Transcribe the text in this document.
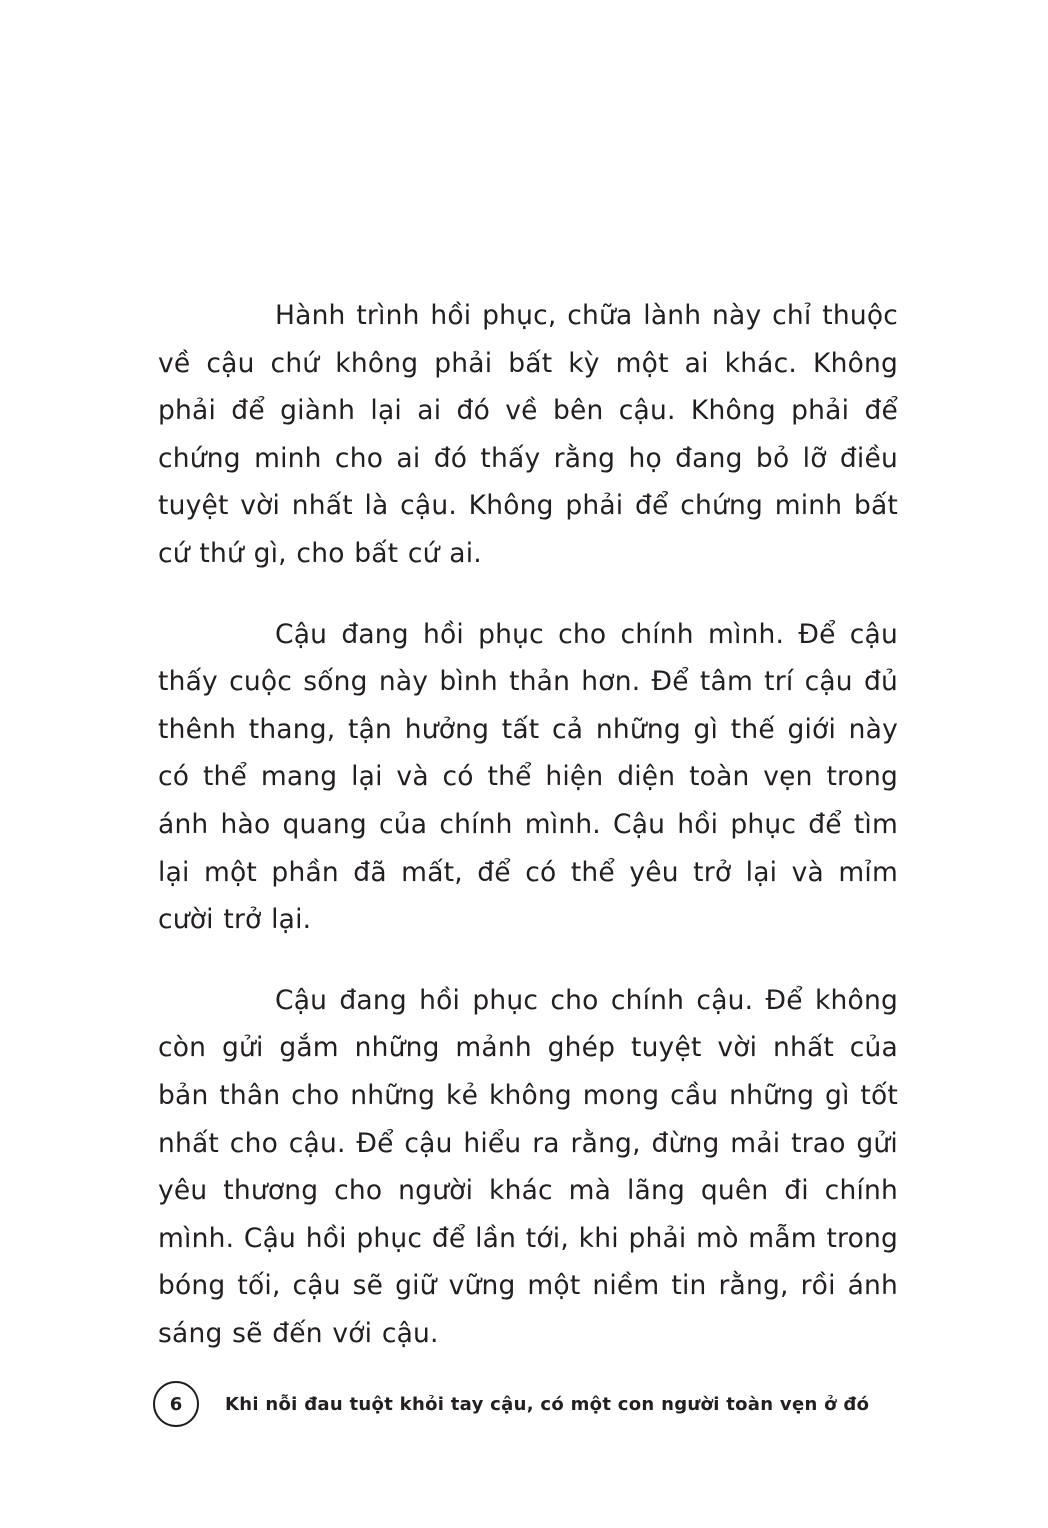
Hành trình hồi phục, chữa lành này chỉ thuộc về cậu chứ không phải bất kỳ một ai khác. Không phải để giành lại ai đó về bên cậu. Không phải để chứng minh cho ai đó thấy rằng họ đang bỏ lỡ điều tuyệt vời nhất là cậu. Không phải để chứng minh bất cứ thứ gì, cho bất cứ ai.

Cậu đang hồi phục cho chính mình. Để cậu thấy cuộc sống này bình thản hơn. Để tâm trí cậu đủ thênh thang, tận hưởng tất cả những gì thế giới này có thể mang lại và có thể hiện diện toàn vẹn trong ánh hào quang của chính mình. Cậu hồi phục để tìm lại một phần đã mất, để có thể yêu trở lại và mỉm cười trở lại.

Cậu đang hồi phục cho chính cậu. Để không còn gửi gắm những mảnh ghép tuyệt vời nhất của bản thân cho những kẻ không mong cầu những gì tốt nhất cho cậu. Để cậu hiểu ra rằng, đừng mải trao gửi yêu thương cho người khác mà lãng quên đi chính mình. Cậu hồi phục để lần tới, khi phải mò mẫm trong bóng tối, cậu sẽ giữ vững một niềm tin rằng, rồi ánh sáng sẽ đến với cậu.

6 Khi nỗi đau tuột khỏi tay cậu, có một con người toàn vẹn ở đó
